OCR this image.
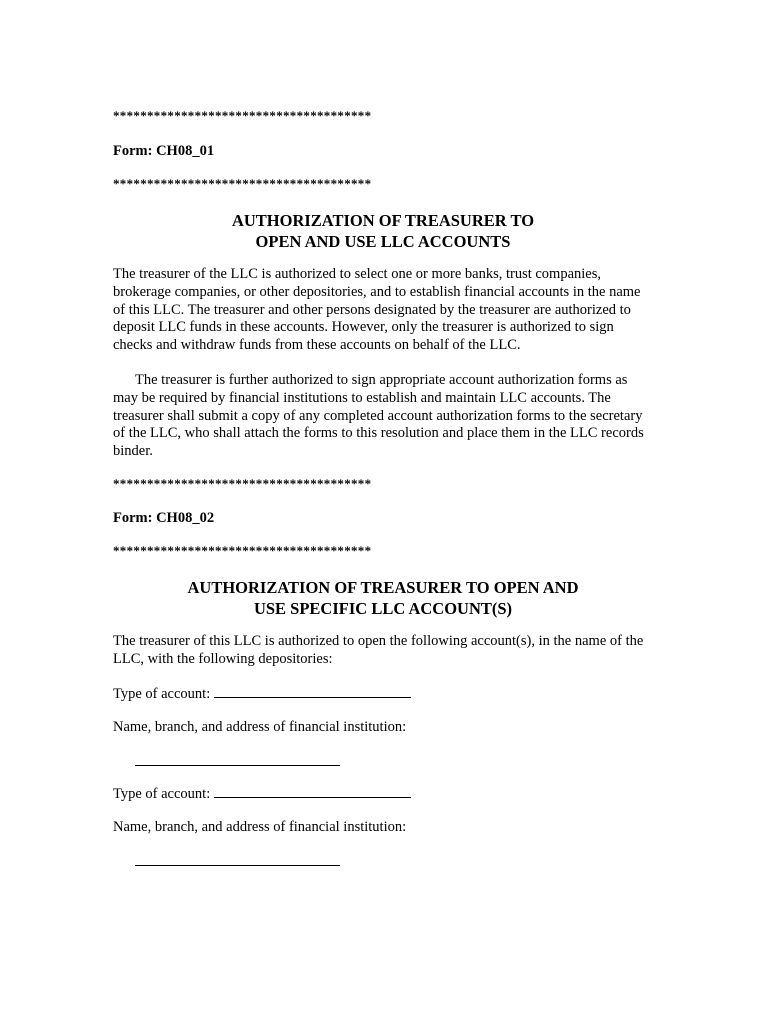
**************************************
Form: CH08_01
**************************************
AUTHORIZATION OF TREASURER TO
OPEN AND USE LLC ACCOUNTS
The treasurer of the LLC is authorized to select one or more banks, trust companies, brokerage companies, or other depositories, and to establish financial accounts in the name of this LLC. The treasurer and other persons designated by the treasurer are authorized to deposit LLC funds in these accounts. However, only the treasurer is authorized to sign checks and withdraw funds from these accounts on behalf of the LLC.
The treasurer is further authorized to sign appropriate account authorization forms as may be required by financial institutions to establish and maintain LLC accounts. The treasurer shall submit a copy of any completed account authorization forms to the secretary of the LLC, who shall attach the forms to this resolution and place them in the LLC records binder.
**************************************
Form: CH08_02
**************************************
AUTHORIZATION OF TREASURER TO OPEN AND
USE SPECIFIC LLC ACCOUNT(S)
The treasurer of this LLC is authorized to open the following account(s), in the name of the LLC, with the following depositories:
Type of account:
Name, branch, and address of financial institution:
Type of account:
Name, branch, and address of financial institution:
